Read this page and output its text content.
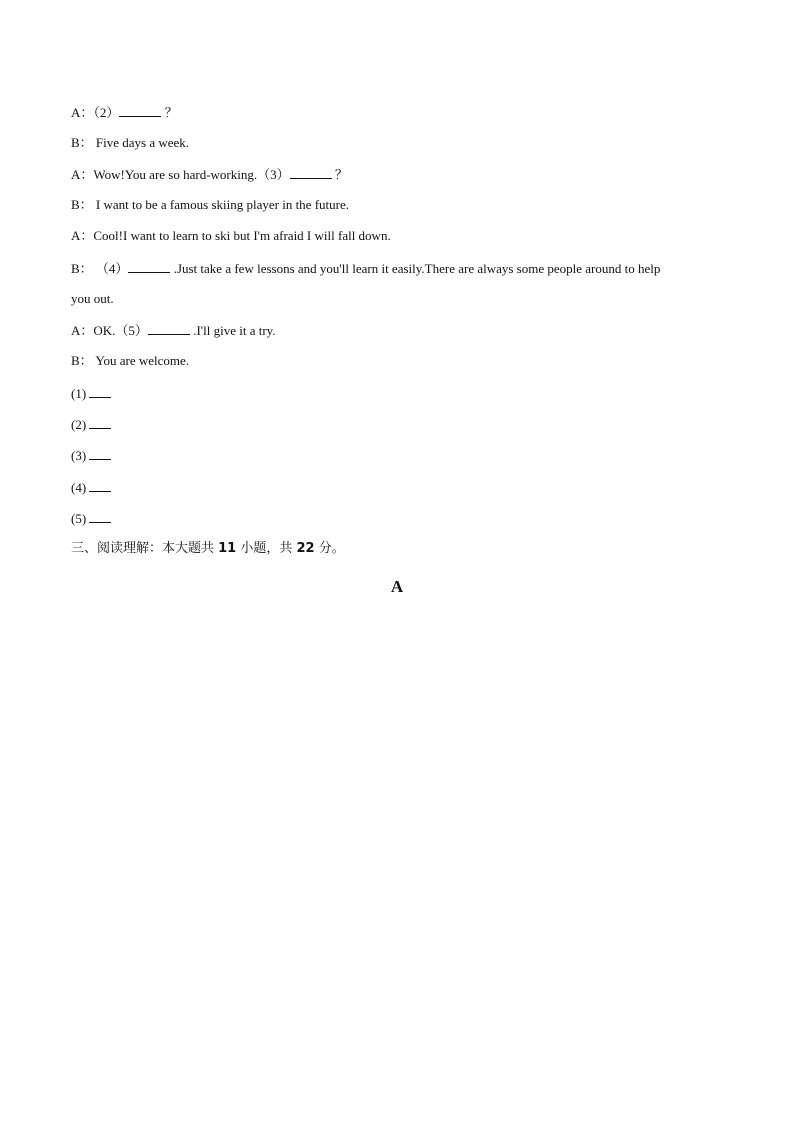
A：（2）	？
B： Five days a week.
A：Wow!You are so hard-working.（3）	？
B： I want to be a famous skiing player in the future.
A：Cool!I want to learn to ski but I'm afraid I will fall down.
B： （4）	.Just take a few lessons and you'll learn it easily.There are always some people around to help
you out.
A：OK.（5）	.I'll give it a try.
B： You are welcome.
(1)
(2)
(3)
(4)
(5)
三、阅读理解：本大题共 11 小题，共 22 分。
A
